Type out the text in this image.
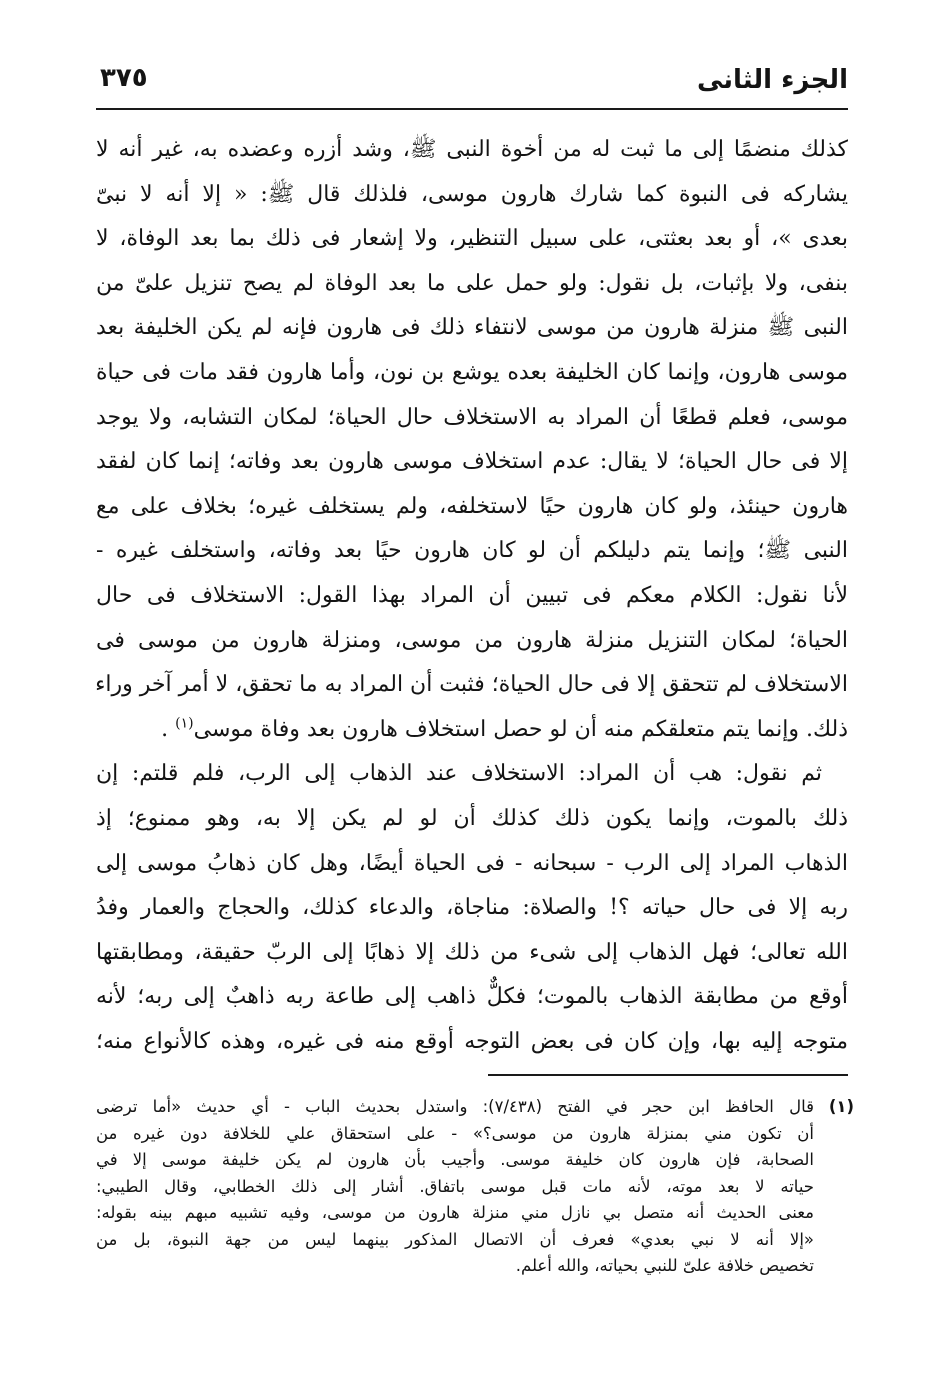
الجزء الثانى
٣٧٥
كذلك منضمًا إلى ما ثبت له من أخوة النبى ﷺ، وشد أزره وعضده به، غير أنه لا
يشاركه فى النبوة كما شارك هارون موسى، فلذلك قال ﷺ: « إلا أنه لا نبىّ
بعدى »، أو بعد بعثتى، على سبيل التنظير، ولا إشعار فى ذلك بما بعد الوفاة، لا
بنفى، ولا بإثبات، بل نقول: ولو حمل على ما بعد الوفاة لم يصح تنزيل علىّ من
النبى ﷺ منزلة هارون من موسى لانتفاء ذلك فى هارون فإنه لم يكن الخليفة بعد
موسى هارون، وإنما كان الخليفة بعده يوشع بن نون، وأما هارون فقد مات فى حياة
موسى، فعلم قطعًا أن المراد به الاستخلاف حال الحياة؛ لمكان التشابه، ولا يوجد
إلا فى حال الحياة؛ لا يقال: عدم استخلاف موسى هارون بعد وفاته؛ إنما كان لفقد
هارون حينئذ، ولو كان هارون حيًا لاستخلفه، ولم يستخلف غيره؛ بخلاف على مع
النبى ﷺ؛ وإنما يتم دليلكم أن لو كان هارون حيًا بعد وفاته، واستخلف غيره -
لأنا نقول: الكلام معكم فى تبيين أن المراد بهذا القول: الاستخلاف فى حال
الحياة؛ لمكان التنزيل منزلة هارون من موسى، ومنزلة هارون من موسى فى
الاستخلاف لم تتحقق إلا فى حال الحياة؛ فثبت أن المراد به ما تحقق، لا أمر آخر وراء
ذلك. وإنما يتم متعلقكم منه أن لو حصل استخلاف هارون بعد وفاة موسى$^{(١)}$ .
ثم نقول: هب أن المراد: الاستخلاف عند الذهاب إلى الرب، فلم قلتم: إن
ذلك بالموت، وإنما يكون ذلك كذلك أن لو لم يكن إلا به، وهو ممنوع؛ إذ
الذهاب المراد إلى الرب - سبحانه - فى الحياة أيضًا، وهل كان ذهابُ موسى إلى
ربه إلا فى حال حياته ؟! والصلاة: مناجاة، والدعاء كذلك، والحجاج والعمار وفدُ
الله تعالى؛ فهل الذهاب إلى شىء من ذلك إلا ذهابًا إلى الربّ حقيقة، ومطابقتها
أوقع من مطابقة الذهاب بالموت؛ فكلٌّ ذاهب إلى طاعة ربه ذاهبٌ إلى ربه؛ لأنه
متوجه إليه بها، وإن كان فى بعض التوجه أوقع منه فى غيره، وهذه كالأنواع منه؛
(١)
قال الحافظ ابن حجر في الفتح (٧/٤٣٨): واستدل بحديث الباب - أي حديث «أما ترضى
أن تكون مني بمنزلة هارون من موسى؟» - على استحقاق علي للخلافة دون غيره من
الصحابة، فإن هارون كان خليفة موسى. وأجيب بأن هارون لم يكن خليفة موسى إلا في
حياته لا بعد موته، لأنه مات قبل موسى باتفاق. أشار إلى ذلك الخطابي، وقال الطيبي:
معنى الحديث أنه متصل بي نازل مني منزلة هارون من موسى، وفيه تشبيه مبهم بينه بقوله:
«إلا أنه لا نبي بعدي» فعرف أن الاتصال المذكور بينهما ليس من جهة النبوة، بل من
تخصيص خلافة علىّ للنبي بحياته، والله أعلم.
